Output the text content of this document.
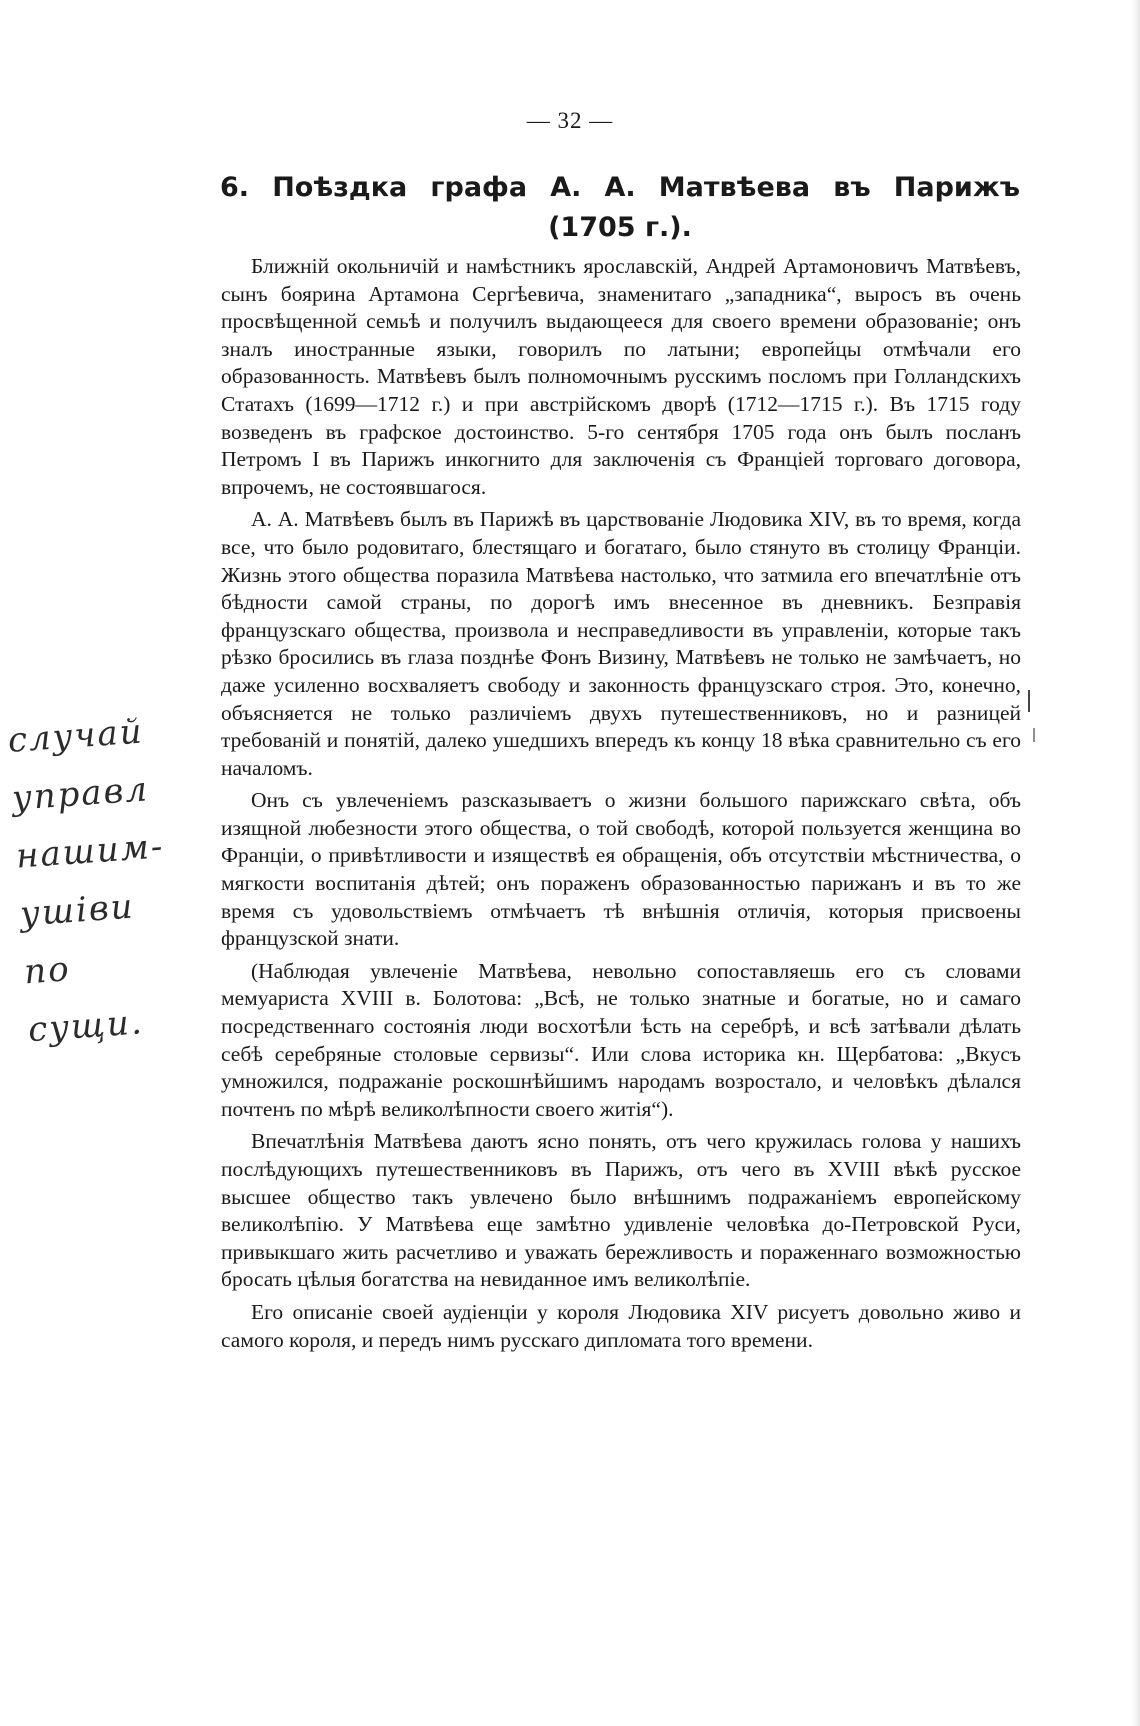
— 32 —
6. Поѣздка графа А. А. Матвѣева въ Парижъ
(1705 г.).

Ближній окольничій и намѣстникъ ярославскій, Андрей Артамоновичъ Матвѣевъ, сынъ боярина Артамона Сергѣевича, знаменитаго „западника“, выросъ въ очень просвѣщенной семьѣ и получилъ выдающееся для своего времени образованіе; онъ зналъ иностранные языки, говорилъ по латыни; европейцы отмѣчали его образованность. Матвѣевъ былъ полномочнымъ русскимъ посломъ при Голландскихъ Статахъ (1699—1712 г.) и при австрійскомъ дворѣ (1712—1715 г.). Въ 1715 году возведенъ въ графское достоинство. 5-го сентября 1705 года онъ былъ посланъ Петромъ I въ Парижъ инкогнито для заключенія съ Франціей торговаго договора, впрочемъ, не состоявшагося.

А. А. Матвѣевъ былъ въ Парижѣ въ царствованіе Людовика XIV, въ то время, когда все, что было родовитаго, блестящаго и богатаго, было стянуто въ столицу Франціи. Жизнь этого общества поразила Матвѣева настолько, что затмила его впечатлѣніе отъ бѣдности самой страны, по дорогѣ имъ внесенное въ дневникъ. Безправія французскаго общества, произвола и несправедливости въ управленіи, которые такъ рѣзко бросились въ глаза позднѣе Фонъ Визину, Матвѣевъ не только не замѣчаетъ, но даже усиленно восхваляетъ свободу и законность французскаго строя. Это, конечно, объясняется не только различіемъ двухъ путешественниковъ, но и разницей требованій и понятій, далеко ушедшихъ впередъ къ концу 18 вѣка сравнительно съ его началомъ.

Онъ съ увлеченіемъ разсказываетъ о жизни большого парижскаго свѣта, объ изящной любезности этого общества, о той свободѣ, которой пользуется женщина во Франціи, о привѣтливости и изяществѣ ея обращенія, объ отсутствіи мѣстничества, о мягкости воспитанія дѣтей; онъ пораженъ образованностью парижанъ и въ то же время съ удовольствіемъ отмѣчаетъ тѣ внѣшнія отличія, которыя присвоены французской знати.

(Наблюдая увлеченіе Матвѣева, невольно сопоставляешь его съ словами мемуариста XVIII в. Болотова: „Всѣ, не только знатные и богатые, но и самаго посредственнаго состоянія люди восхотѣли ѣсть на серебрѣ, и всѣ затѣвали дѣлать себѣ серебряные столовые сервизы“. Или слова историка кн. Щербатова: „Вкусъ умножился, подражаніе роскошнѣйшимъ народамъ возростало, и человѣкъ дѣлался почтенъ по мѣрѣ великолѣпности своего житія“).

Впечатлѣнія Матвѣева даютъ ясно понять, отъ чего кружилась голова у нашихъ послѣдующихъ путешественниковъ въ Парижъ, отъ чего въ XVIII вѣкѣ русское высшее общество такъ увлечено было внѣшнимъ подражаніемъ европейскому великолѣпію. У Матвѣева еще замѣтно удивленіе человѣка до-Петровской Руси, привыкшаго жить расчетливо и уважать бережливость и пораженнаго возможностью бросать цѣлыя богатства на невиданное имъ великолѣпіе.

Его описаніе своей аудіенціи у короля Людовика XIV рисуетъ довольно живо и самого короля, и передъ нимъ русскаго дипломата того времени.

случай
управл
нашим-
ушіви
по
сущи.
